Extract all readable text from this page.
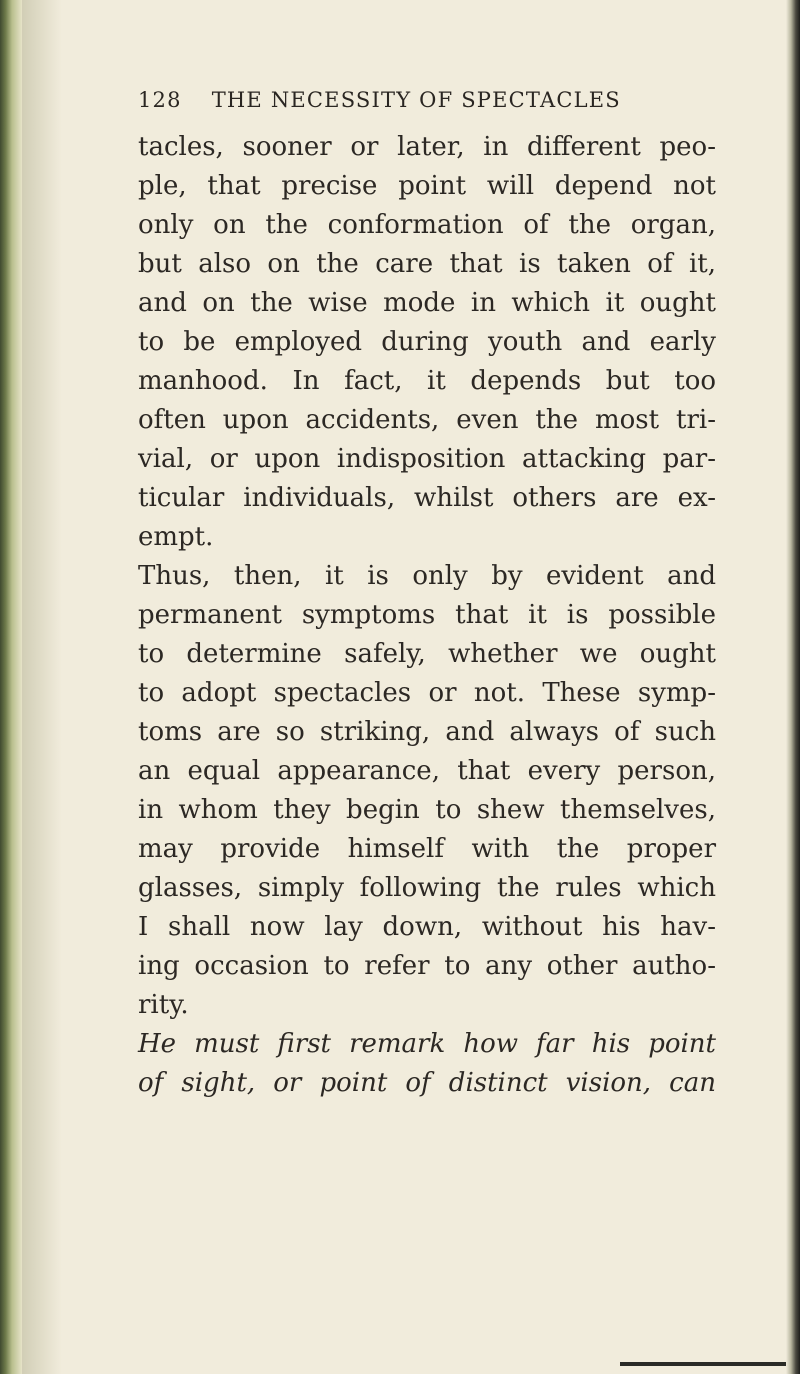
128 THE NECESSITY OF SPECTACLES
tacles, sooner or later, in different peo-
ple, that precise point will depend not
only on the conformation of the organ,
but also on the care that is taken of it,
and on the wise mode in which it ought
to be employed during youth and early
manhood. In fact, it depends but too
often upon accidents, even the most tri-
vial, or upon indisposition attacking par-
ticular individuals, whilst others are ex-
empt.
Thus, then, it is only by evident and
permanent symptoms that it is possible
to determine safely, whether we ought
to adopt spectacles or not. These symp-
toms are so striking, and always of such
an equal appearance, that every person,
in whom they begin to shew themselves,
may provide himself with the proper
glasses, simply following the rules which
I shall now lay down, without his hav-
ing occasion to refer to any other autho-
rity.
He must first remark how far his point
of sight, or point of distinct vision, can
